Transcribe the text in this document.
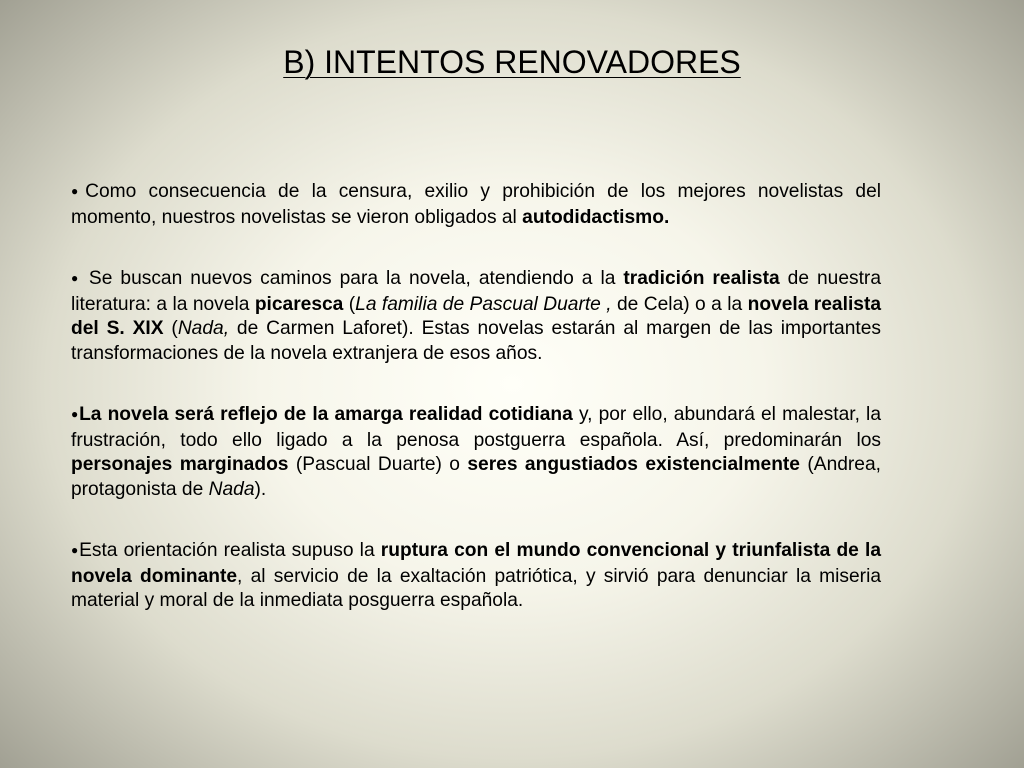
B) INTENTOS RENOVADORES

●Como consecuencia de la censura, exilio y prohibición de los mejores novelistas del momento, nuestros novelistas se vieron obligados al autodidactismo.

● Se buscan nuevos caminos para la novela, atendiendo a la tradición realista de nuestra literatura: a la novela picaresca (La familia de Pascual Duarte , de Cela) o a la novela realista del S. XIX (Nada, de Carmen Laforet). Estas novelas estarán al margen de las importantes transformaciones de la novela extranjera de esos años.

●La novela será reflejo de la amarga realidad cotidiana y, por ello, abundará el malestar, la frustración, todo ello ligado a la penosa postguerra española. Así, predominarán los personajes marginados (Pascual Duarte) o seres angustiados existencialmente (Andrea, protagonista de Nada).

●Esta orientación realista supuso la ruptura con el mundo convencional y triunfalista de la novela dominante, al servicio de la exaltación patriótica, y sirvió para denunciar la miseria material y moral de la inmediata posguerra española.
